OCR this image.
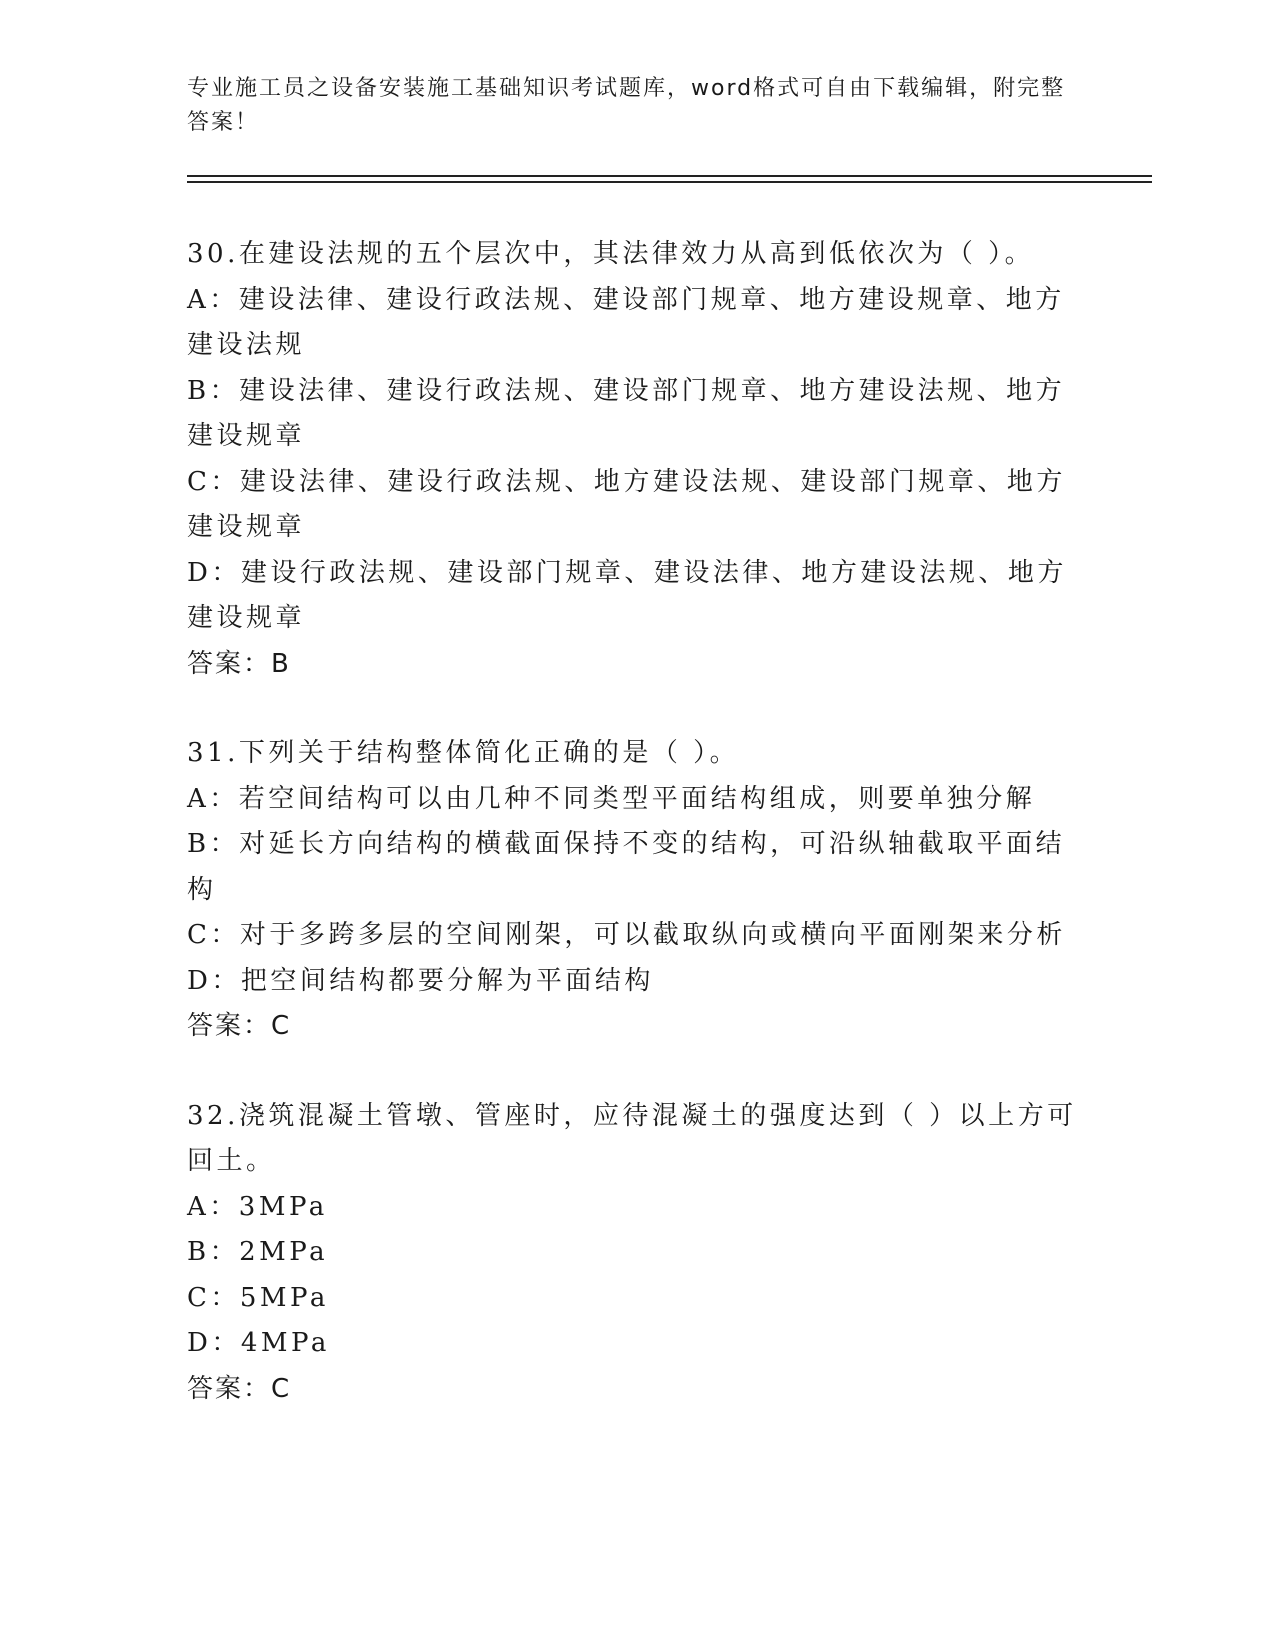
专业施工员之设备安装施工基础知识考试题库，word格式可自由下载编辑，附完整答案！

30.在建设法规的五个层次中，其法律效力从高到低依次为（ ）。

A：建设法律、建设行政法规、建设部门规章、地方建设规章、地方建设法规

B：建设法律、建设行政法规、建设部门规章、地方建设法规、地方建设规章

C：建设法律、建设行政法规、地方建设法规、建设部门规章、地方建设规章

D：建设行政法规、建设部门规章、建设法律、地方建设法规、地方建设规章

答案：B

31.下列关于结构整体简化正确的是（ ）。

A：若空间结构可以由几种不同类型平面结构组成，则要单独分解

B：对延长方向结构的横截面保持不变的结构，可沿纵轴截取平面结构

C：对于多跨多层的空间刚架，可以截取纵向或横向平面刚架来分析

D：把空间结构都要分解为平面结构

答案：C

32.浇筑混凝土管墩、管座时，应待混凝土的强度达到（ ）以上方可回土。

A：3MPa

B：2MPa

C：5MPa

D：4MPa

答案：C
